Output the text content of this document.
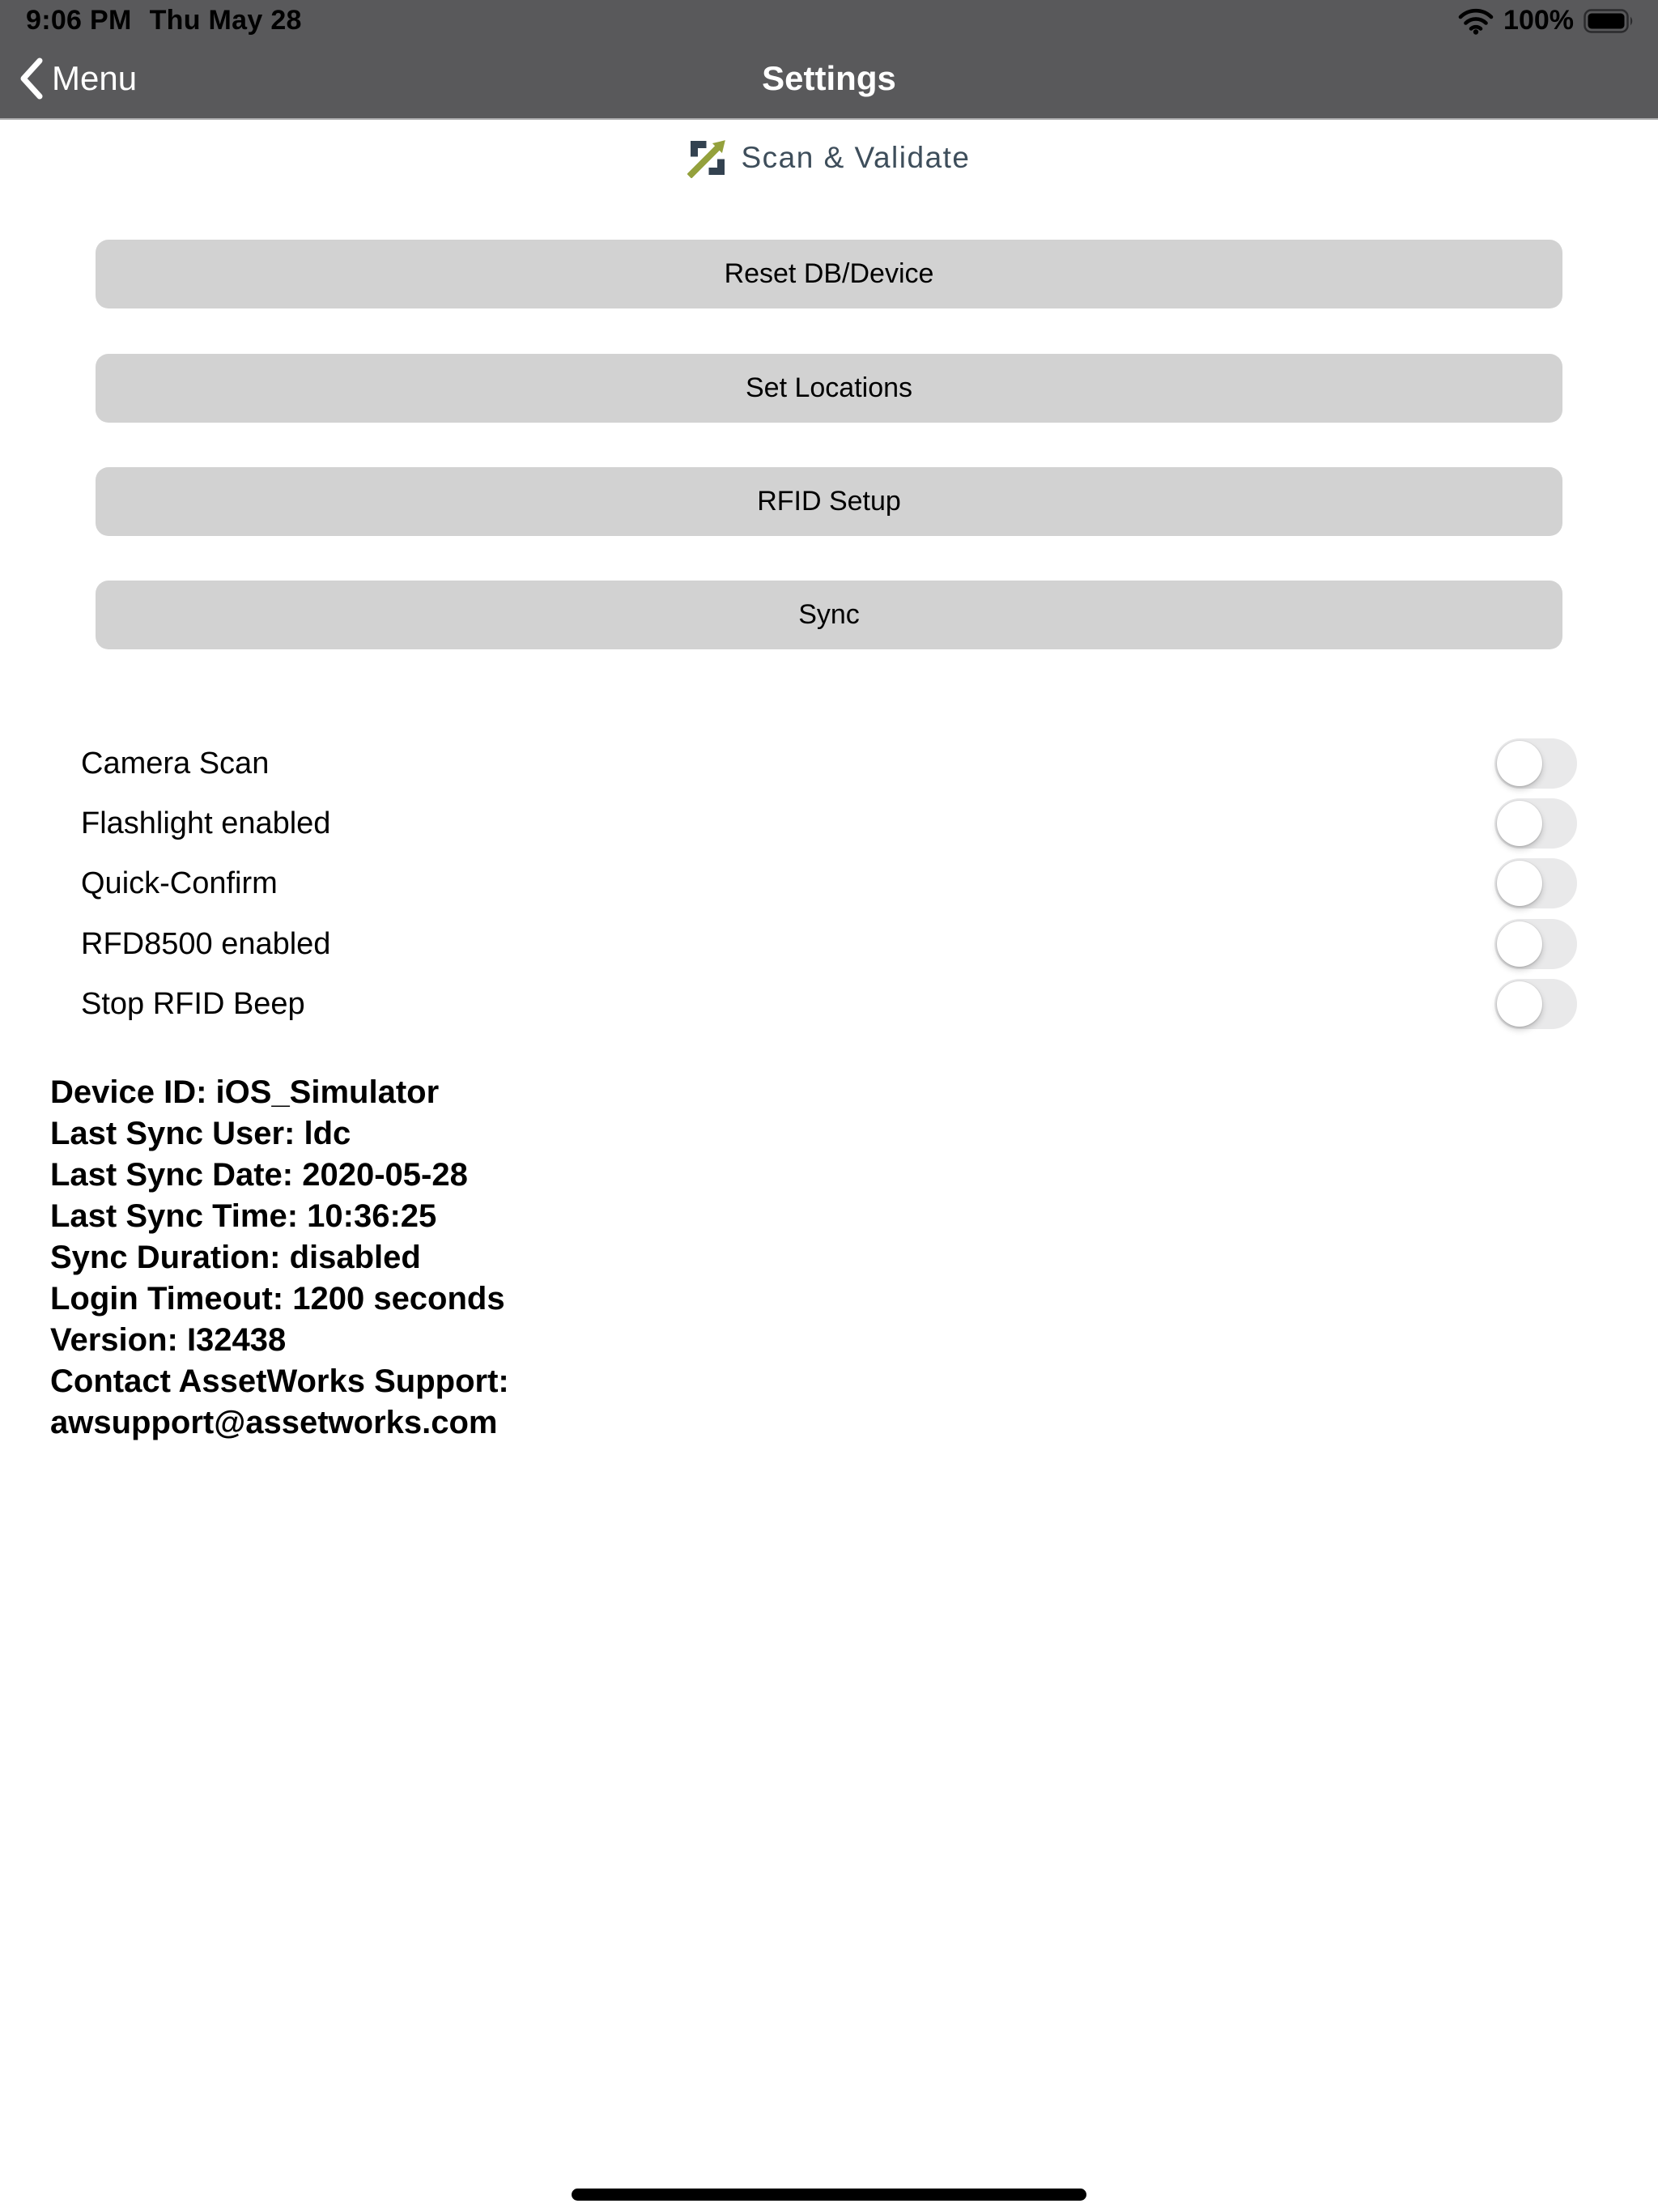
9:06 PM Thu May 28	100%
Menu	Settings
Scan & Validate
Reset DB/Device
Set Locations
RFID Setup
Sync
Camera Scan
Flashlight enabled
Quick-Confirm
RFD8500 enabled
Stop RFID Beep
Device ID: iOS_Simulator
Last Sync User: ldc
Last Sync Date: 2020-05-28
Last Sync Time: 10:36:25
Sync Duration: disabled
Login Timeout: 1200 seconds
Version: I32438
Contact AssetWorks Support:
awsupport@assetworks.com
